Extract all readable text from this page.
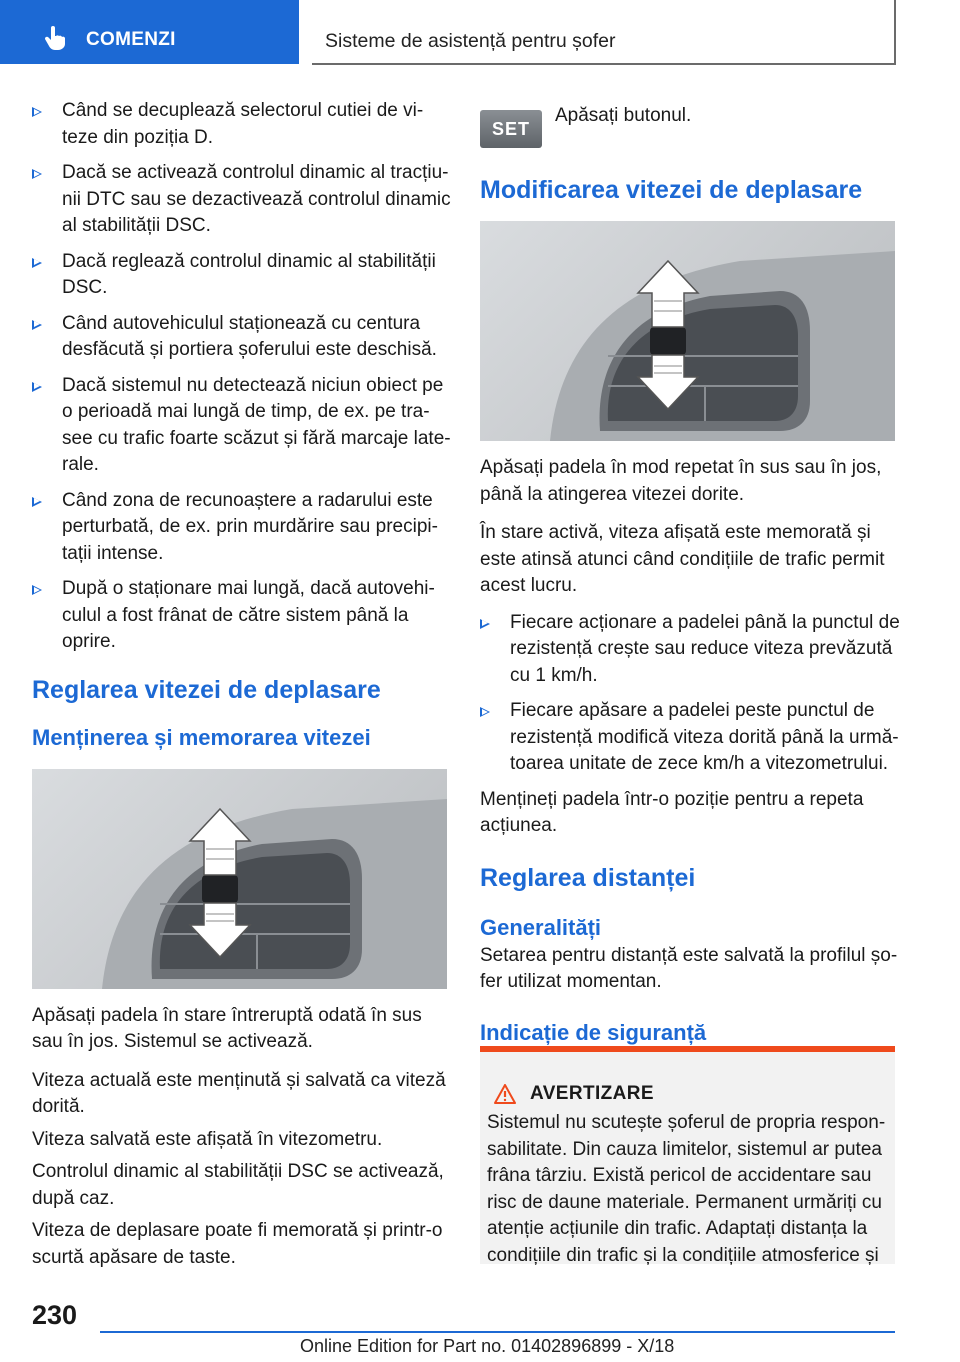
COMENZI	Sisteme de asistență pentru șofer
Când se decuplează selectorul cutiei de vi-teze din poziția D.
Dacă se activează controlul dinamic al tracțiu-nii DTC sau se dezactivează controlul dinamic al stabilității DSC.
Dacă reglează controlul dinamic al stabilității DSC.
Când autovehiculul staționează cu centura desfăcută și portiera șoferului este deschisă.
Dacă sistemul nu detectează niciun obiect pe o perioadă mai lungă de timp, de ex. pe tra-see cu trafic foarte scăzut și fără marcaje late-rale.
Când zona de recunoaștere a radarului este perturbată, de ex. prin murdărire sau precipi-tații intense.
După o staționare mai lungă, dacă autovehi-culul a fost frânat de către sistem până la oprire.
Reglarea vitezei de deplasare
Menținerea și memorarea vitezei

Apăsați padela în stare întreruptă odată în sus sau în jos. Sistemul se activează.

Viteza actuală este menținută și salvată ca viteză dorită.

Viteza salvată este afișată în vitezometru.

Controlul dinamic al stabilității DSC se activează, după caz.

Viteza de deplasare poate fi memorată și printr-o scurtă apăsare de taste.

SET

Apăsați butonul.

Modificarea vitezei de deplasare

Apăsați padela în mod repetat în sus sau în jos, până la atingerea vitezei dorite.

În stare activă, viteza afișată este memorată și este atinsă atunci când condițiile de trafic permit acest lucru.

Fiecare acționare a padelei până la punctul de rezistență crește sau reduce viteza prevăzută cu 1 km/h.
Fiecare apăsare a padelei peste punctul de rezistență modifică viteza dorită până la urmă-toarea unitate de zece km/h a vitezometrului.

Mențineți padela într-o poziție pentru a repeta acțiunea.

Reglarea distanței
Generalități

Setarea pentru distanță este salvată la profilul șo-fer utilizat momentan.

Indicație de siguranță
AVERTIZARE
Sistemul nu scutește șoferul de propria respon-sabilitate. Din cauza limitelor, sistemul ar putea frâna târziu. Există pericol de accidentare sau risc de daune materiale. Permanent urmăriți cu atenție acțiunile din trafic. Adaptați distanța la condițiile din trafic și la condițiile atmosferice și
230
Online Edition for Part no. 01402896899 - X/18
